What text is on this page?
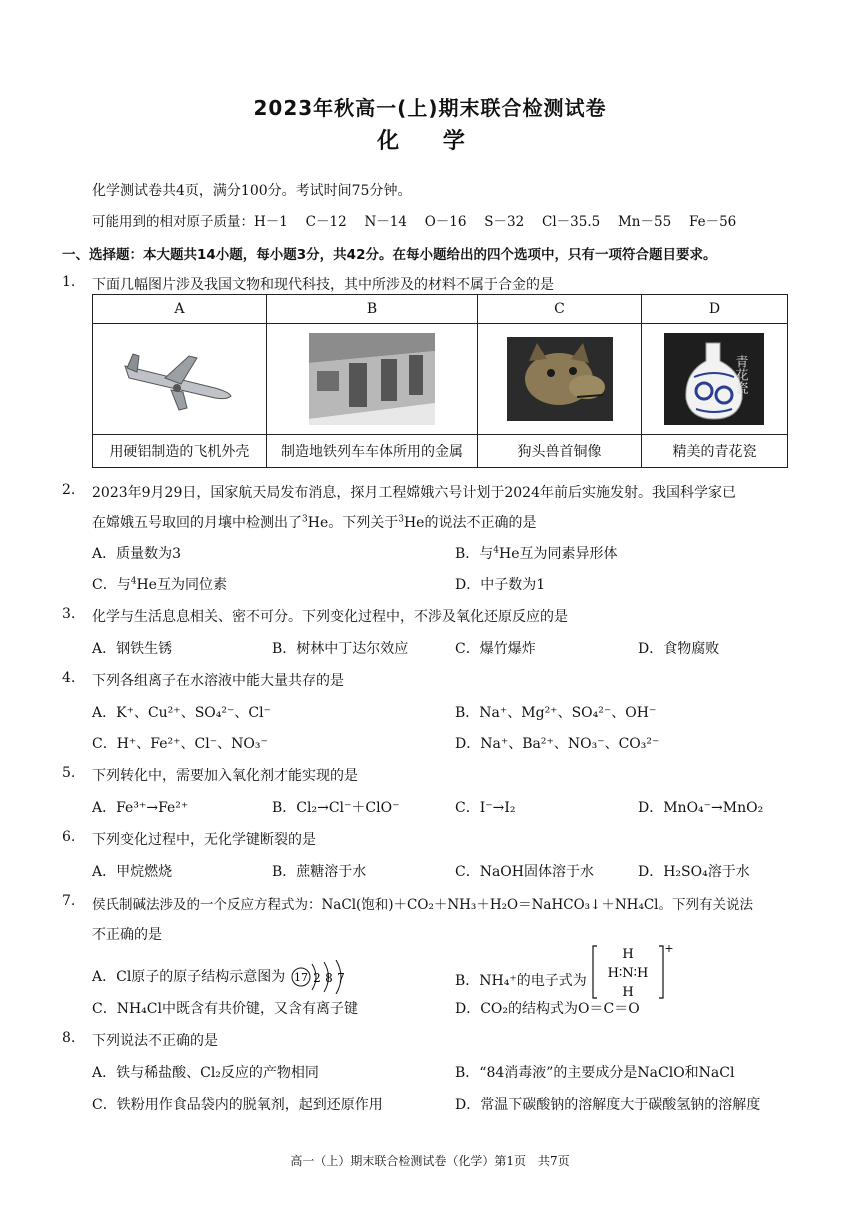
2023年秋高一(上)期末联合检测试卷
化 学
化学测试卷共4页，满分100分。考试时间75分钟。
可能用到的相对原子质量：H－1　 C－12　 N－14　 O－16　 S－32　 Cl－35.5　 Mn－55　 Fe－56
一、选择题：本大题共14小题，每小题3分，共42分。在每小题给出的四个选项中，只有一项符合题目要求。
1. 下面几幅图片涉及我国文物和现代科技，其中所涉及的材料不属于合金的是
A	B	C	D

青花瓷

用硬铝制造的飞机外壳	制造地铁列车车体所用的金属	狗头兽首铜像	精美的青花瓷
2. 2023年9月29日，国家航天局发布消息，探月工程嫦娥六号计划于2024年前后实施发射。我国科学家已
在嫦娥五号取回的月壤中检测出了$^3$He。下列关于$^3$He的说法不正确的是
A．质量数为3	B．与$^4$He互为同素异形体
C．与$^4$He互为同位素	D．中子数为1
3. 化学与生活息息相关、密不可分。下列变化过程中，不涉及氧化还原反应的是
A．钢铁生锈	B．树林中丁达尔效应	C．爆竹爆炸	D．食物腐败
4. 下列各组离子在水溶液中能大量共存的是
A．K⁺、Cu²⁺、SO₄²⁻、Cl⁻	B．Na⁺、Mg²⁺、SO₄²⁻、OH⁻
C．H⁺、Fe²⁺、Cl⁻、NO₃⁻	D．Na⁺、Ba²⁺、NO₃⁻、CO₃²⁻
5. 下列转化中，需要加入氧化剂才能实现的是
A．Fe³⁺→Fe²⁺	B．Cl₂→Cl⁻＋ClO⁻	C．I⁻→I₂	D．MnO₄⁻→MnO₂
6. 下列变化过程中，无化学键断裂的是
A．甲烷燃烧	B．蔗糖溶于水	C．NaOH固体溶于水	D．H₂SO₄溶于水
7. 侯氏制碱法涉及的一个反应方程式为：NaCl(饱和)＋CO₂＋NH₃＋H₂O＝NaHCO₃↓＋NH₄Cl。下列有关说法
不正确的是
A．Cl原子的原子结构示意图为 17 2 8 7	B．NH₄⁺的电子式为
H
H∶N∶H
H
+
C．NH₄Cl中既含有共价键，又含有离子键	D．CO₂的结构式为O＝C＝O
8. 下列说法不正确的是
A．铁与稀盐酸、Cl₂反应的产物相同	B．“84消毒液”的主要成分是NaClO和NaCl
C．铁粉用作食品袋内的脱氧剂，起到还原作用	D．常温下碳酸钠的溶解度大于碳酸氢钠的溶解度
高一（上）期末联合检测试卷（化学）第1页　共7页
